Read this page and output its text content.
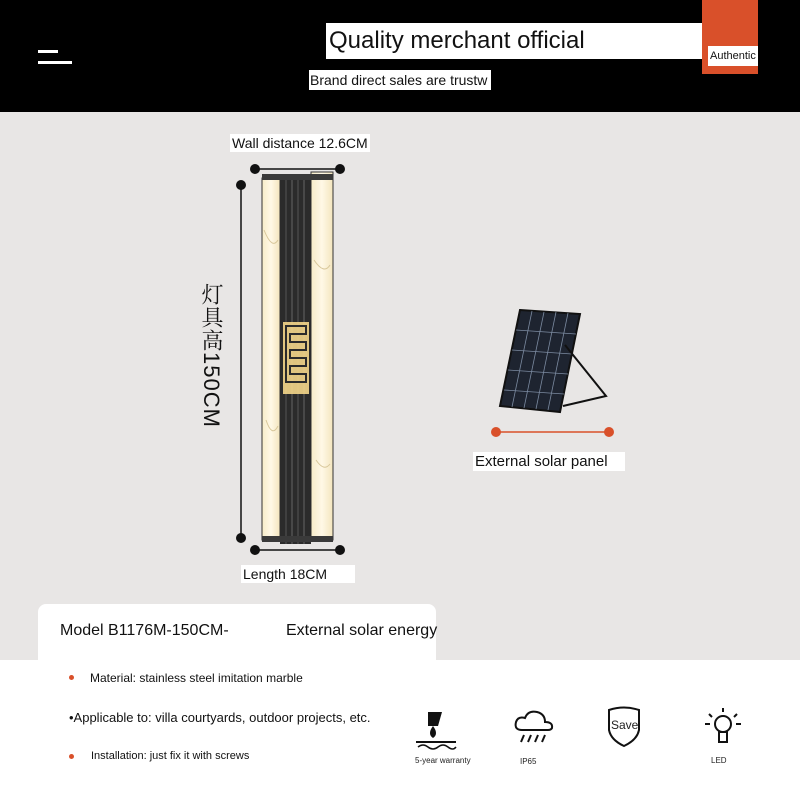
Quality merchant official
Authentic
Brand direct sales are trustw
Wall distance 12.6CM
灯具高150CM
Length 18CM
External solar panel
Model B1176M-150CM-	External solar energy
Material: stainless steel imitation marble
•Applicable to: villa courtyards, outdoor projects, etc.
Installation: just fix it with screws	5-year warranty	IP65
Save
LED
